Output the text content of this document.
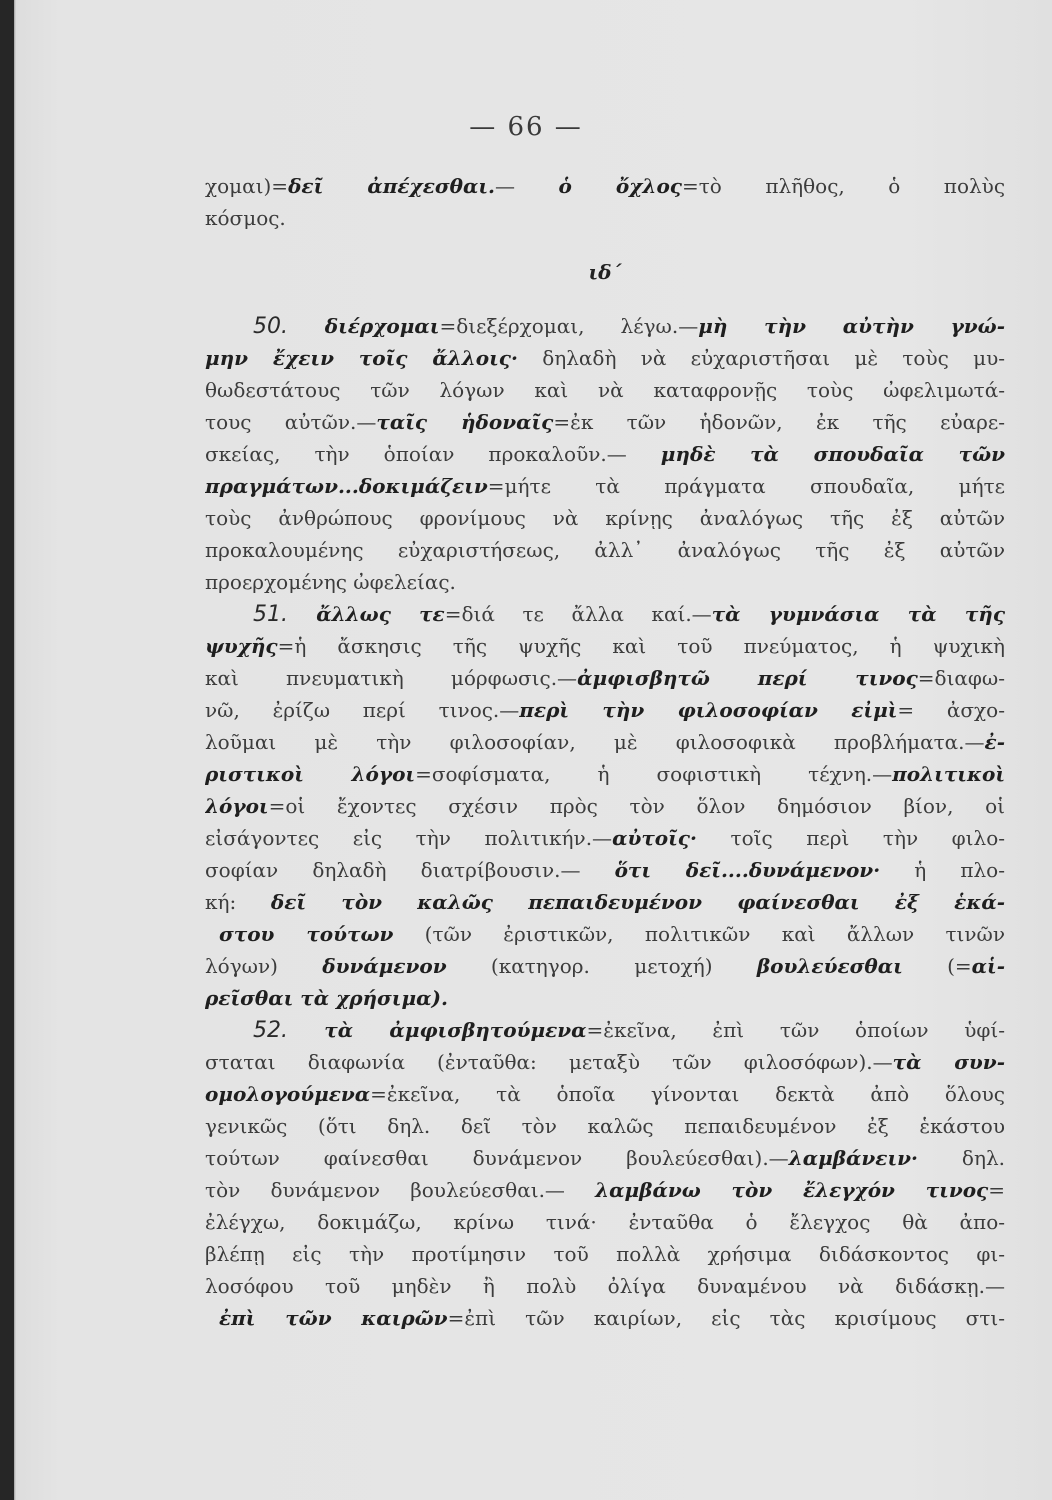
— 66 —
χομαι)=δεῖ ἀπέχεσθαι.— ὁ ὄχλος=τὸ πλῆθος, ὁ πολὺς
κόσμος.
ιδ´
50. διέρχομαι=διεξέρχομαι, λέγω.—μὴ τὴν αὐτὴν γνώ-
μην ἔχειν τοῖς ἄλλοις· δηλαδὴ νὰ εὐχαριστῆσαι μὲ τοὺς μυ-
θωδεστάτους τῶν λόγων καὶ νὰ καταφρονῇς τοὺς ὠφελιμωτά-
τους αὐτῶν.—ταῖς ἡδοναῖς=ἐκ τῶν ἡδονῶν, ἐκ τῆς εὐαρε-
σκείας, τὴν ὁποίαν προκαλοῦν.— μηδὲ τὰ σπουδαῖα τῶν
πραγμάτων...δοκιμάζειν=μήτε τὰ πράγματα σπουδαῖα, μήτε
τοὺς ἀνθρώπους φρονίμους νὰ κρίνῃς ἀναλόγως τῆς ἐξ αὐτῶν
προκαλουμένης εὐχαριστήσεως, ἀλλ᾽ ἀναλόγως τῆς ἐξ αὐτῶν
προερχομένης ὠφελείας.
51. ἄλλως τε=διά τε ἄλλα καί.—τὰ γυμνάσια τὰ τῆς
ψυχῆς=ἡ ἄσκησις τῆς ψυχῆς καὶ τοῦ πνεύματος, ἡ ψυχικὴ
καὶ πνευματικὴ μόρφωσις.—ἀμφισβητῶ περί τινος=διαφω-
νῶ, ἐρίζω περί τινος.—περὶ τὴν φιλοσοφίαν εἰμὶ= ἀσχο-
λοῦμαι μὲ τὴν φιλοσοφίαν, μὲ φιλοσοφικὰ προβλήματα.—ἐ-
ριστικοὶ λόγοι=σοφίσματα, ἡ σοφιστικὴ τέχνη.—πολιτικοὶ
λόγοι=οἱ ἔχοντες σχέσιν πρὸς τὸν ὅλον δημόσιον βίον, οἱ
εἰσάγοντες εἰς τὴν πολιτικήν.—αὐτοῖς· τοῖς περὶ τὴν φιλο-
σοφίαν δηλαδὴ διατρίβουσιν.— ὅτι δεῖ....δυνάμενον· ἡ πλο-
κή: δεῖ τὸν καλῶς πεπαιδευμένον φαίνεσθαι ἐξ ἑκά-
στου τούτων (τῶν ἐριστικῶν, πολιτικῶν καὶ ἄλλων τινῶν
λόγων) δυνάμενον (κατηγορ. μετοχή) βουλεύεσθαι (=αἱ-
ρεῖσθαι τὰ χρήσιμα).
52. τὰ ἀμφισβητούμενα=ἐκεῖνα, ἐπὶ τῶν ὁποίων ὑφί-
σταται διαφωνία (ἐνταῦθα: μεταξὺ τῶν φιλοσόφων).—τὰ συν-
ομολογούμενα=ἐκεῖνα, τὰ ὁποῖα γίνονται δεκτὰ ἀπὸ ὅλους
γενικῶς (ὅτι δηλ. δεῖ τὸν καλῶς πεπαιδευμένον ἐξ ἑκάστου
τούτων φαίνεσθαι δυνάμενον βουλεύεσθαι).—λαμβάνειν· δηλ.
τὸν δυνάμενον βουλεύεσθαι.— λαμβάνω τὸν ἔλεγχόν τινος=
ἐλέγχω, δοκιμάζω, κρίνω τινά· ἐνταῦθα ὁ ἔλεγχος θὰ ἀπο-
βλέπῃ εἰς τὴν προτίμησιν τοῦ πολλὰ χρήσιμα διδάσκοντος φι-
λοσόφου τοῦ μηδὲν ἢ πολὺ ὀλίγα δυναμένου νὰ διδάσκῃ.—
ἐπὶ τῶν καιρῶν=ἐπὶ τῶν καιρίων, εἰς τὰς κρισίμους στι-
